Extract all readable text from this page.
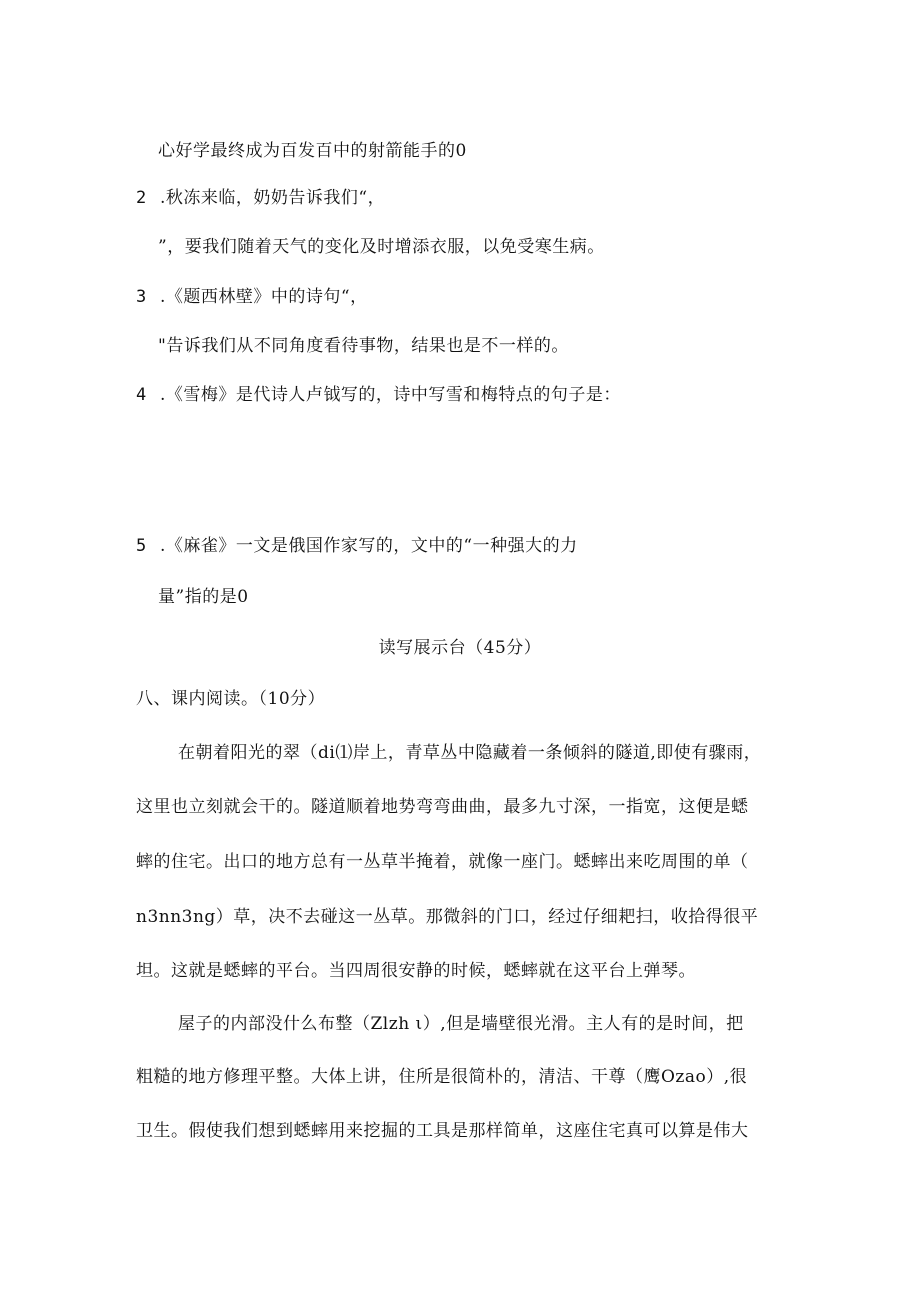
心好学最终成为百发百中的射箭能手的0
2 .秋冻来临，奶奶告诉我们“，
”，要我们随着天气的变化及时增添衣服，以免受寒生病。
3 .《题西林壁》中的诗句“，
"告诉我们从不同角度看待事物，结果也是不一样的。
4 .《雪梅》是代诗人卢钺写的，诗中写雪和梅特点的句子是：
5 .《麻雀》一文是俄国作家写的，文中的“一种强大的力
量”指的是0
读写展示台（45分）
八、课内阅读。（10分）
在朝着阳光的翠（di⑴岸上，青草丛中隐藏着一条倾斜的隧道,即使有骤雨，
这里也立刻就会干的。隧道顺着地势弯弯曲曲，最多九寸深，一指宽，这便是蟋
蟀的住宅。出口的地方总有一丛草半掩着，就像一座门。蟋蟀出来吃周围的单（
n3nn3ng）草，决不去碰这一丛草。那微斜的门口，经过仔细耙扫，收拾得很平
坦。这就是蟋蟀的平台。当四周很安静的时候，蟋蟀就在这平台上弹琴。
屋子的内部没什么布整（Zlzh ι）,但是墙壁很光滑。主人有的是时间，把
粗糙的地方修理平整。大体上讲，住所是很简朴的，清洁、干尊（鹰Ozao）,很
卫生。假使我们想到蟋蟀用来挖掘的工具是那样简单，这座住宅真可以算是伟大
